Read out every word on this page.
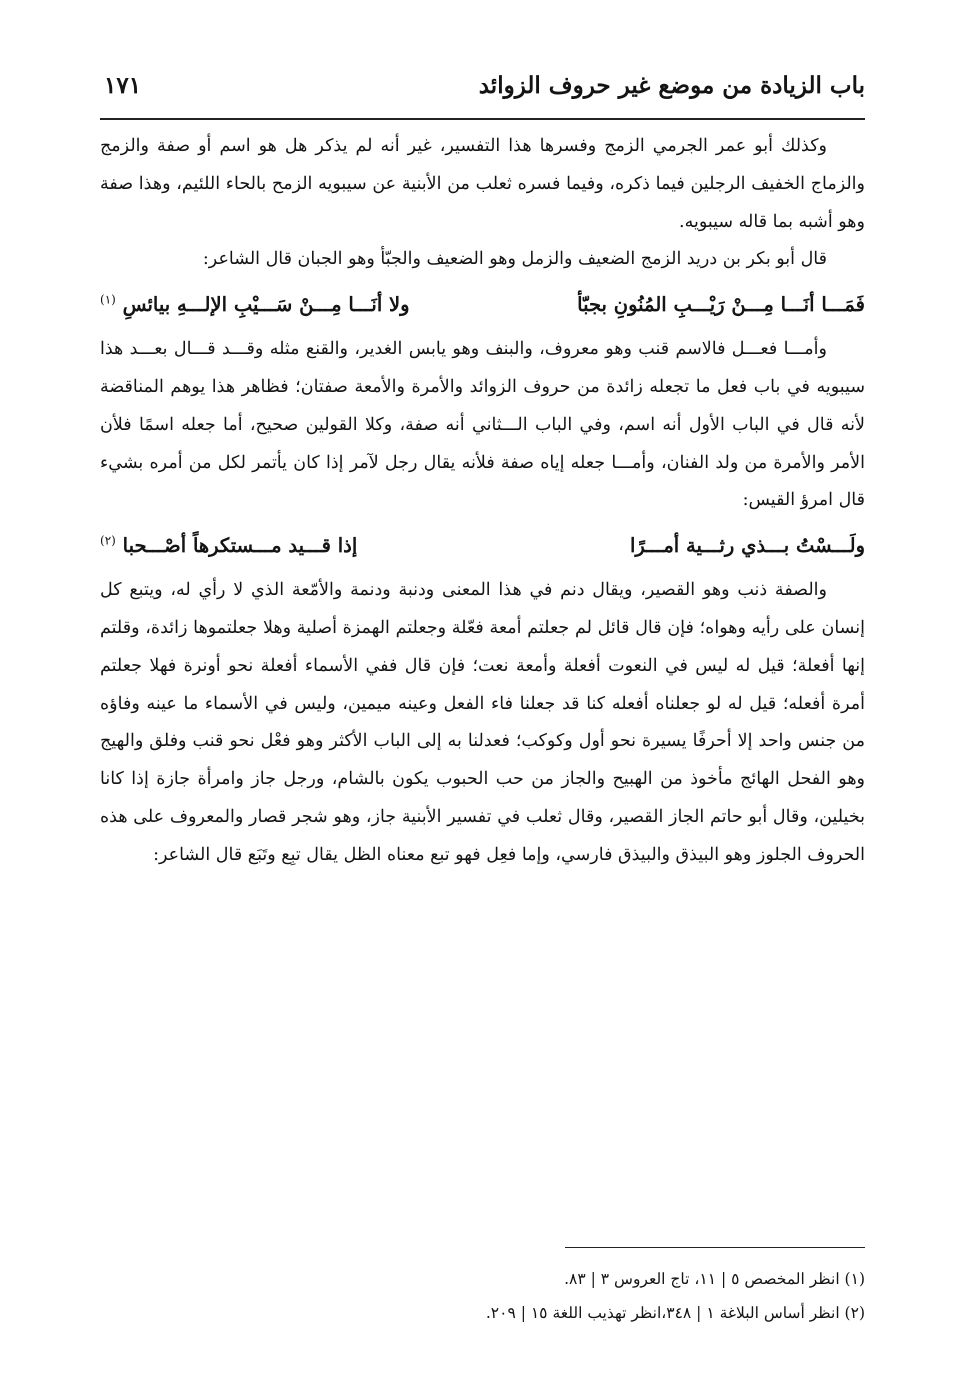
باب الزيادة من موضع غير حروف الزوائد
١٧١

وكذلك أبو عمر الجرمي الزمج وفسرها هذا التفسير، غير أنه لم يذكر هل هو اسم أو صفة والزمج والزماج الخفيف الرجلين فيما ذكره، وفيما فسره ثعلب من الأبنية عن سيبويه الزمح بالحاء اللئيم، وهذا صفة وهو أشبه بما قاله سيبويه.

قال أبو بكر بن دريد الزمج الضعيف والزمل وهو الضعيف والجبّأ وهو الجبان قال الشاعر:

فَمَـــا أنَـــا مِـــنْ رَيْـــبِ المُنُونِ بجبّأ
ولا أنَـــا مِـــنْ سَـــيْبِ الإلـــهِ بيائسِ $^{(١)}$

وأمـــا فعـــل فالاسم قنب وهو معروف، والبنف وهو يابس الغدير، والقنع مثله وقـــد قـــال بعـــد هذا سيبويه في باب فعل ما تجعله زائدة من حروف الزوائد والأمرة والأمعة صفتان؛ فظاهر هذا يوهم المناقضة لأنه قال في الباب الأول أنه اسم، وفي الباب الـــثاني أنه صفة، وكلا القولين صحيح، أما جعله اسمًا فلأن الأمر والأمرة من ولد الفنان، وأمـــا جعله إياه صفة فلأنه يقال رجل لآمر إذا كان يأتمر لكل من أمره بشيء قال امرؤ القيس:

ولَـــسْتُ بـــذي رثـــية أمـــرًا
إذا قـــيد مـــستكرهاً أصْـــحبا $^{(٢)}$

والصفة ذنب وهو القصير، ويقال دنم في هذا المعنى ودنبة ودنمة والأمّعة الذي لا رأي له، ويتبع كل إنسان على رأيه وهواه؛ فإن قال قائل لم جعلتم أمعة فعّلة وجعلتم الهمزة أصلية وهلا جعلتموها زائدة، وقلتم إنها أفعلة؛ قيل له ليس في النعوت أفعلة وأمعة نعت؛ فإن قال ففي الأسماء أفعلة نحو أونرة فهلا جعلتم أمرة أفعله؛ قيل له لو جعلناه أفعله كنا قد جعلنا فاء الفعل وعينه ميمين، وليس في الأسماء ما عينه وفاؤه من جنس واحد إلا أحرفًا يسيرة نحو أول وكوكب؛ فعدلنا به إلى الباب الأكثر وهو فعْل نحو قنب وفلق والهيج وهو الفحل الهائج مأخوذ من الهبيح والجاز من حب الحبوب يكون بالشام، ورجل جاز وامرأة جازة إذا كانا بخيلين، وقال أبو حاتم الجاز القصير، وقال ثعلب في تفسير الأبنية جاز، وهو شجر قصار والمعروف على هذه الحروف الجلوز وهو البيذق والبيذق فارسي، وإما فعِل فهو تبع معناه الظل يقال تبِع وتَبَع قال الشاعر:

(١) انظر المخصص ٥ | ١١، تاج العروس ٣ | ٨٣.

(٢) انظر أساس البلاغة ١ | ٣٤٨،انظر تهذيب اللغة ١٥ | ٢٠٩.
